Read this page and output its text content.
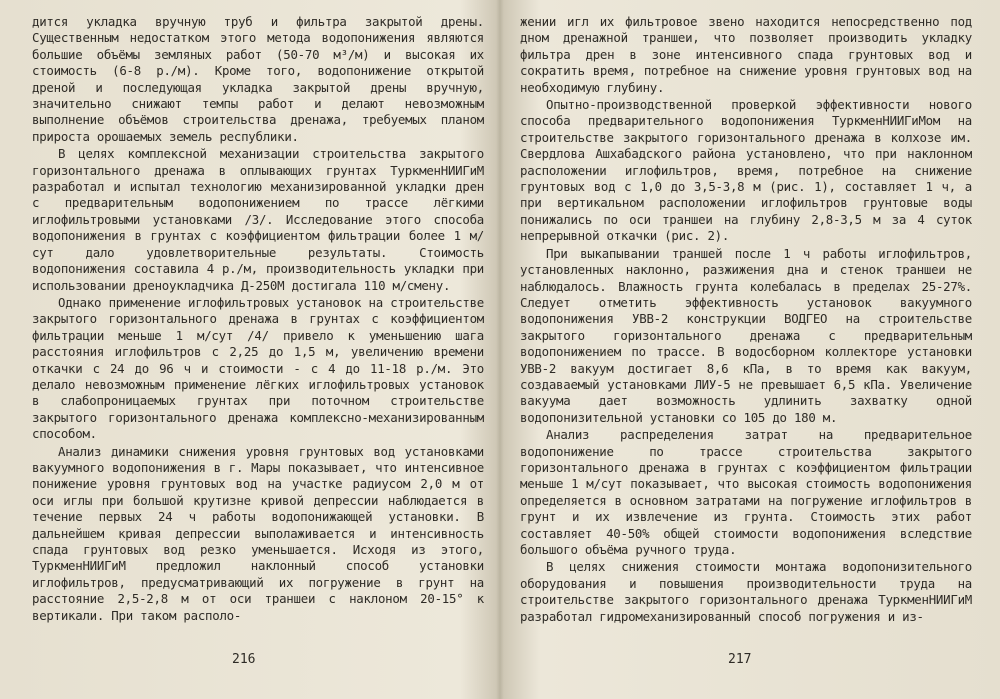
дится укладка вручную труб и фильтра закрытой дрены. Существенным недостатком этого метода водопонижения являются большие объёмы земляных работ (50-70 м³/м) и высокая их стоимость (6-8 р./м). Кроме того, водопонижение открытой дреной и последующая укладка закрытой дрены вручную, значительно снижают темпы работ и делают невозможным выполнение объёмов строительства дренажа, требуемых планом прироста орошаемых земель республики.

В целях комплексной механизации строительства закрытого горизонтального дренажа в оплывающих грунтах ТуркменНИИГиМ разработал и испытал технологию механизированной укладки дрен с предварительным водопонижением по трассе лёгкими иглофильтровыми установками /3/. Исследование этого способа водопонижения в грунтах с коэффициентом фильтрации более 1 м/сут дало удовлетворительные результаты. Стоимость водопонижения составила 4 р./м, производительность укладки при использовании дреноукладчика Д-250М достигала 110 м/смену.

Однако применение иглофильтровых установок на строительстве закрытого горизонтального дренажа в грунтах с коэффициентом фильтрации меньше 1 м/сут /4/ привело к уменьшению шага расстояния иглофильтров с 2,25 до 1,5 м, увеличению времени откачки с 24 до 96 ч и стоимости - с 4 до 11-18 р./м. Это делало невозможным применение лёгких иглофильтровых установок в слабопроницаемых грунтах при поточном строительстве закрытого горизонтального дренажа комплексно-механизированным способом.

Анализ динамики снижения уровня грунтовых вод установками вакуумного водопонижения в г. Мары показывает, что интенсивное понижение уровня грунтовых вод на участке радиусом 2,0 м от оси иглы при большой крутизне кривой депрессии наблюдается в течение первых 24 ч работы водопонижающей установки. В дальнейшем кривая депрессии выполаживается и интенсивность спада грунтовых вод резко уменьшается. Исходя из этого, ТуркменНИИГиМ предложил наклонный способ установки иглофильтров, предусматривающий их погружение в грунт на расстояние 2,5-2,8 м от оси траншеи с наклоном 20-15° к вертикали. При таком располо-

216

жении игл их фильтровое звено находится непосредственно под дном дренажной траншеи, что позволяет производить укладку фильтра дрен в зоне интенсивного спада грунтовых вод и сократить время, потребное на снижение уровня грунтовых вод на необходимую глубину.

Опытно-производственной проверкой эффективности нового способа предварительного водопонижения ТуркменНИИГиМом на строительстве закрытого горизонтального дренажа в колхозе им. Свердлова Ашхабадского района установлено, что при наклонном расположении иглофильтров, время, потребное на снижение грунтовых вод с 1,0 до 3,5-3,8 м (рис. 1), составляет 1 ч, а при вертикальном расположении иглофильтров грунтовые воды понижались по оси траншеи на глубину 2,8-3,5 м за 4 суток непрерывной откачки (рис. 2).

При выкапывании траншей после 1 ч работы иглофильтров, установленных наклонно, разжижения дна и стенок траншеи не наблюдалось. Влажность грунта колебалась в пределах 25-27%. Следует отметить эффективность установок вакуумного водопонижения УВВ-2 конструкции ВОДГЕО на строительстве закрытого горизонтального дренажа с предварительным водопонижением по трассе. В водосборном коллекторе установки УВВ-2 вакуум достигает 8,6 кПа, в то время как вакуум, создаваемый установками ЛИУ-5 не превышает 6,5 кПа. Увеличение вакуума дает возможность удлинить захватку одной водопонизительной установки со 105 до 180 м.

Анализ распределения затрат на предварительное водопонижение по трассе строительства закрытого горизонтального дренажа в грунтах с коэффициентом фильтрации меньше 1 м/сут показывает, что высокая стоимость водопонижения определяется в основном затратами на погружение иглофильтров в грунт и их извлечение из грунта. Стоимость этих работ составляет 40-50% общей стоимости водопонижения вследствие большого объёма ручного труда.

В целях снижения стоимости монтажа водопонизительного оборудования и повышения производительности труда на строительстве закрытого горизонтального дренажа ТуркменНИИГиМ разработал гидромеханизированный способ погружения и из-

217
